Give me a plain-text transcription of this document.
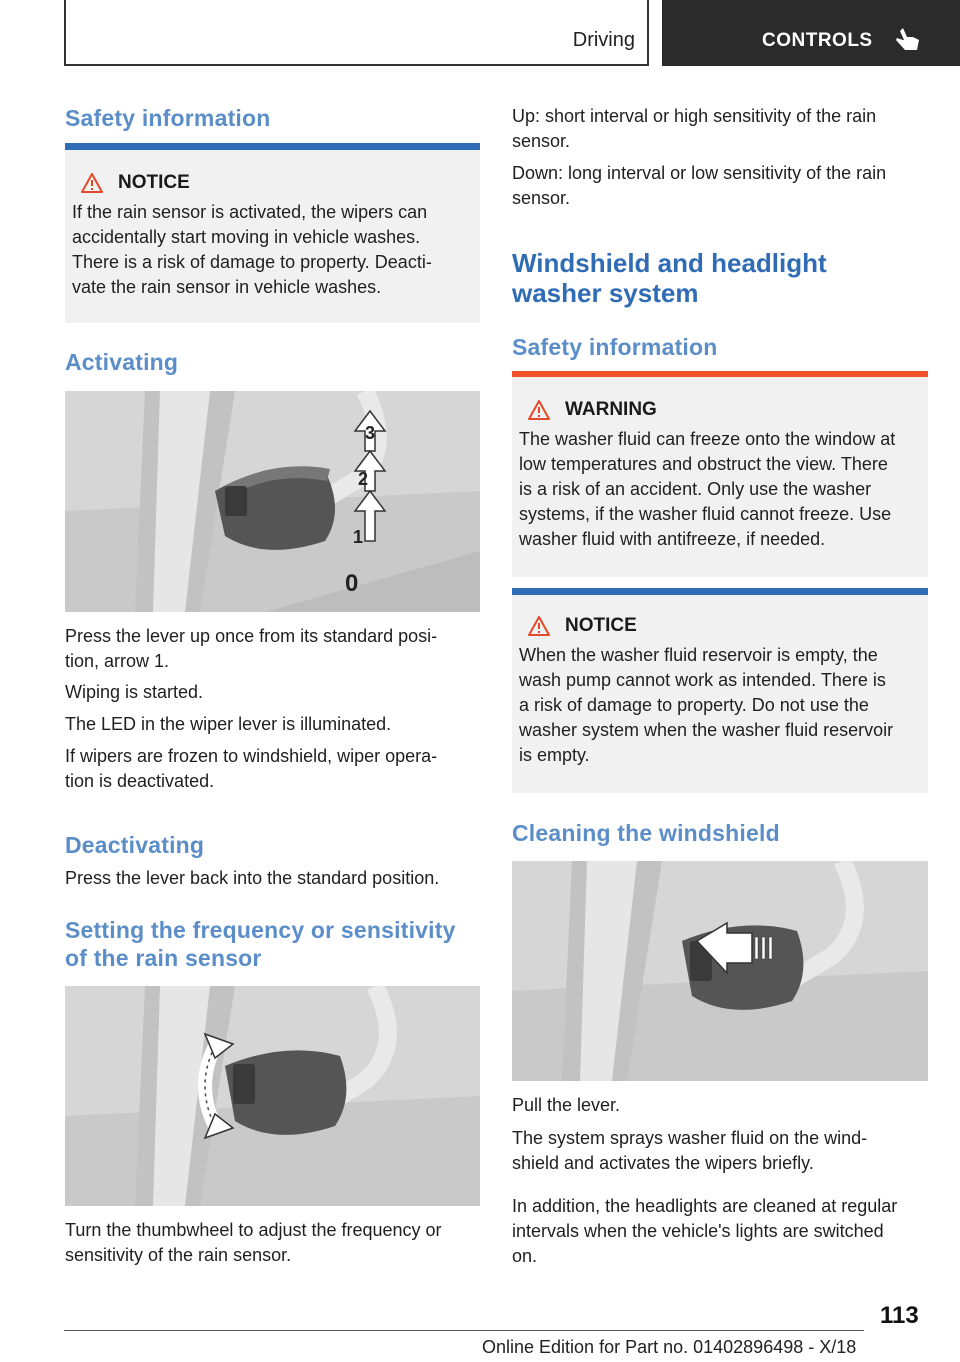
Driving	CONTROLS
Safety information
NOTICE
If the rain sensor is activated, the wipers can
accidentally start moving in vehicle washes.
There is a risk of damage to property. Deacti‐
vate the rain sensor in vehicle washes.
Activating
3
2
1
0
Press the lever up once from its standard posi‐
tion, arrow 1.
Wiping is started.
The LED in the wiper lever is illuminated.
If wipers are frozen to windshield, wiper opera‐
tion is deactivated.
Deactivating
Press the lever back into the standard position.
Setting the frequency or sensitivity
of the rain sensor
Turn the thumbwheel to adjust the frequency or
sensitivity of the rain sensor.
Up: short interval or high sensitivity of the rain
sensor.
Down: long interval or low sensitivity of the rain
sensor.
Windshield and headlight
washer system
Safety information
WARNING
The washer fluid can freeze onto the window at
low temperatures and obstruct the view. There
is a risk of an accident. Only use the washer
systems, if the washer fluid cannot freeze. Use
washer fluid with antifreeze, if needed.
NOTICE
When the washer fluid reservoir is empty, the
wash pump cannot work as intended. There is
a risk of damage to property. Do not use the
washer system when the washer fluid reservoir
is empty.
Cleaning the windshield
Pull the lever.
The system sprays washer fluid on the wind‐
shield and activates the wipers briefly.
In addition, the headlights are cleaned at regular
intervals when the vehicle's lights are switched
on.
113
Online Edition for Part no. 01402896498 - X/18
